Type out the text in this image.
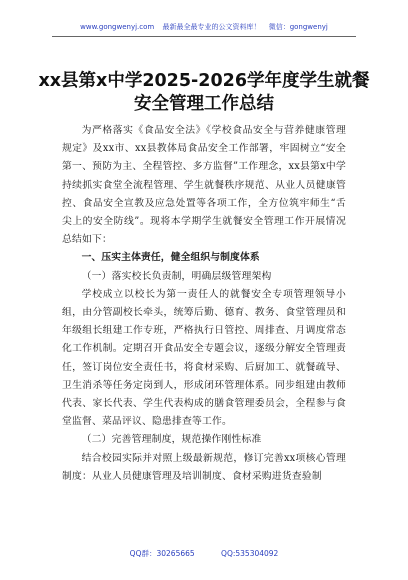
www.gongwenyj.com 最新最全最专业的公文资料库！ 微信：gongwenyj
xx县第x中学2025-2026学年度学生就餐
安全管理工作总结

为严格落实《食品安全法》《学校食品安全与营养健康管理规定》及xx市、xx县教体局食品安全工作部署，牢固树立“安全第一、预防为主、全程管控、多方监督”工作理念，xx县第x中学持续抓实食堂全流程管理、学生就餐秩序规范、从业人员健康管控、食品安全宣教及应急处置等各项工作，全方位筑牢师生“舌尖上的安全防线”。现将本学期学生就餐安全管理工作开展情况总结如下：

一、压实主体责任，健全组织与制度体系

（一）落实校长负责制，明确层级管理架构

学校成立以校长为第一责任人的就餐安全专项管理领导小组，由分管副校长牵头，统筹后勤、德育、教务、食堂管理员和年级组长组建工作专班，严格执行日管控、周排查、月调度常态化工作机制。定期召开食品安全专题会议，逐级分解安全管理责任，签订岗位安全责任书，将食材采购、后厨加工、就餐疏导、卫生消杀等任务定岗到人，形成闭环管理体系。同步组建由教师代表、家长代表、学生代表构成的膳食管理委员会，全程参与食堂监督、菜品评议、隐患排查等工作。

（二）完善管理制度，规范操作刚性标准

结合校园实际并对照上级最新规范，修订完善xx项核心管理制度：从业人员健康管理及培训制度、食材采购进货查验制

QQ群：30265665	QQ:535304092
